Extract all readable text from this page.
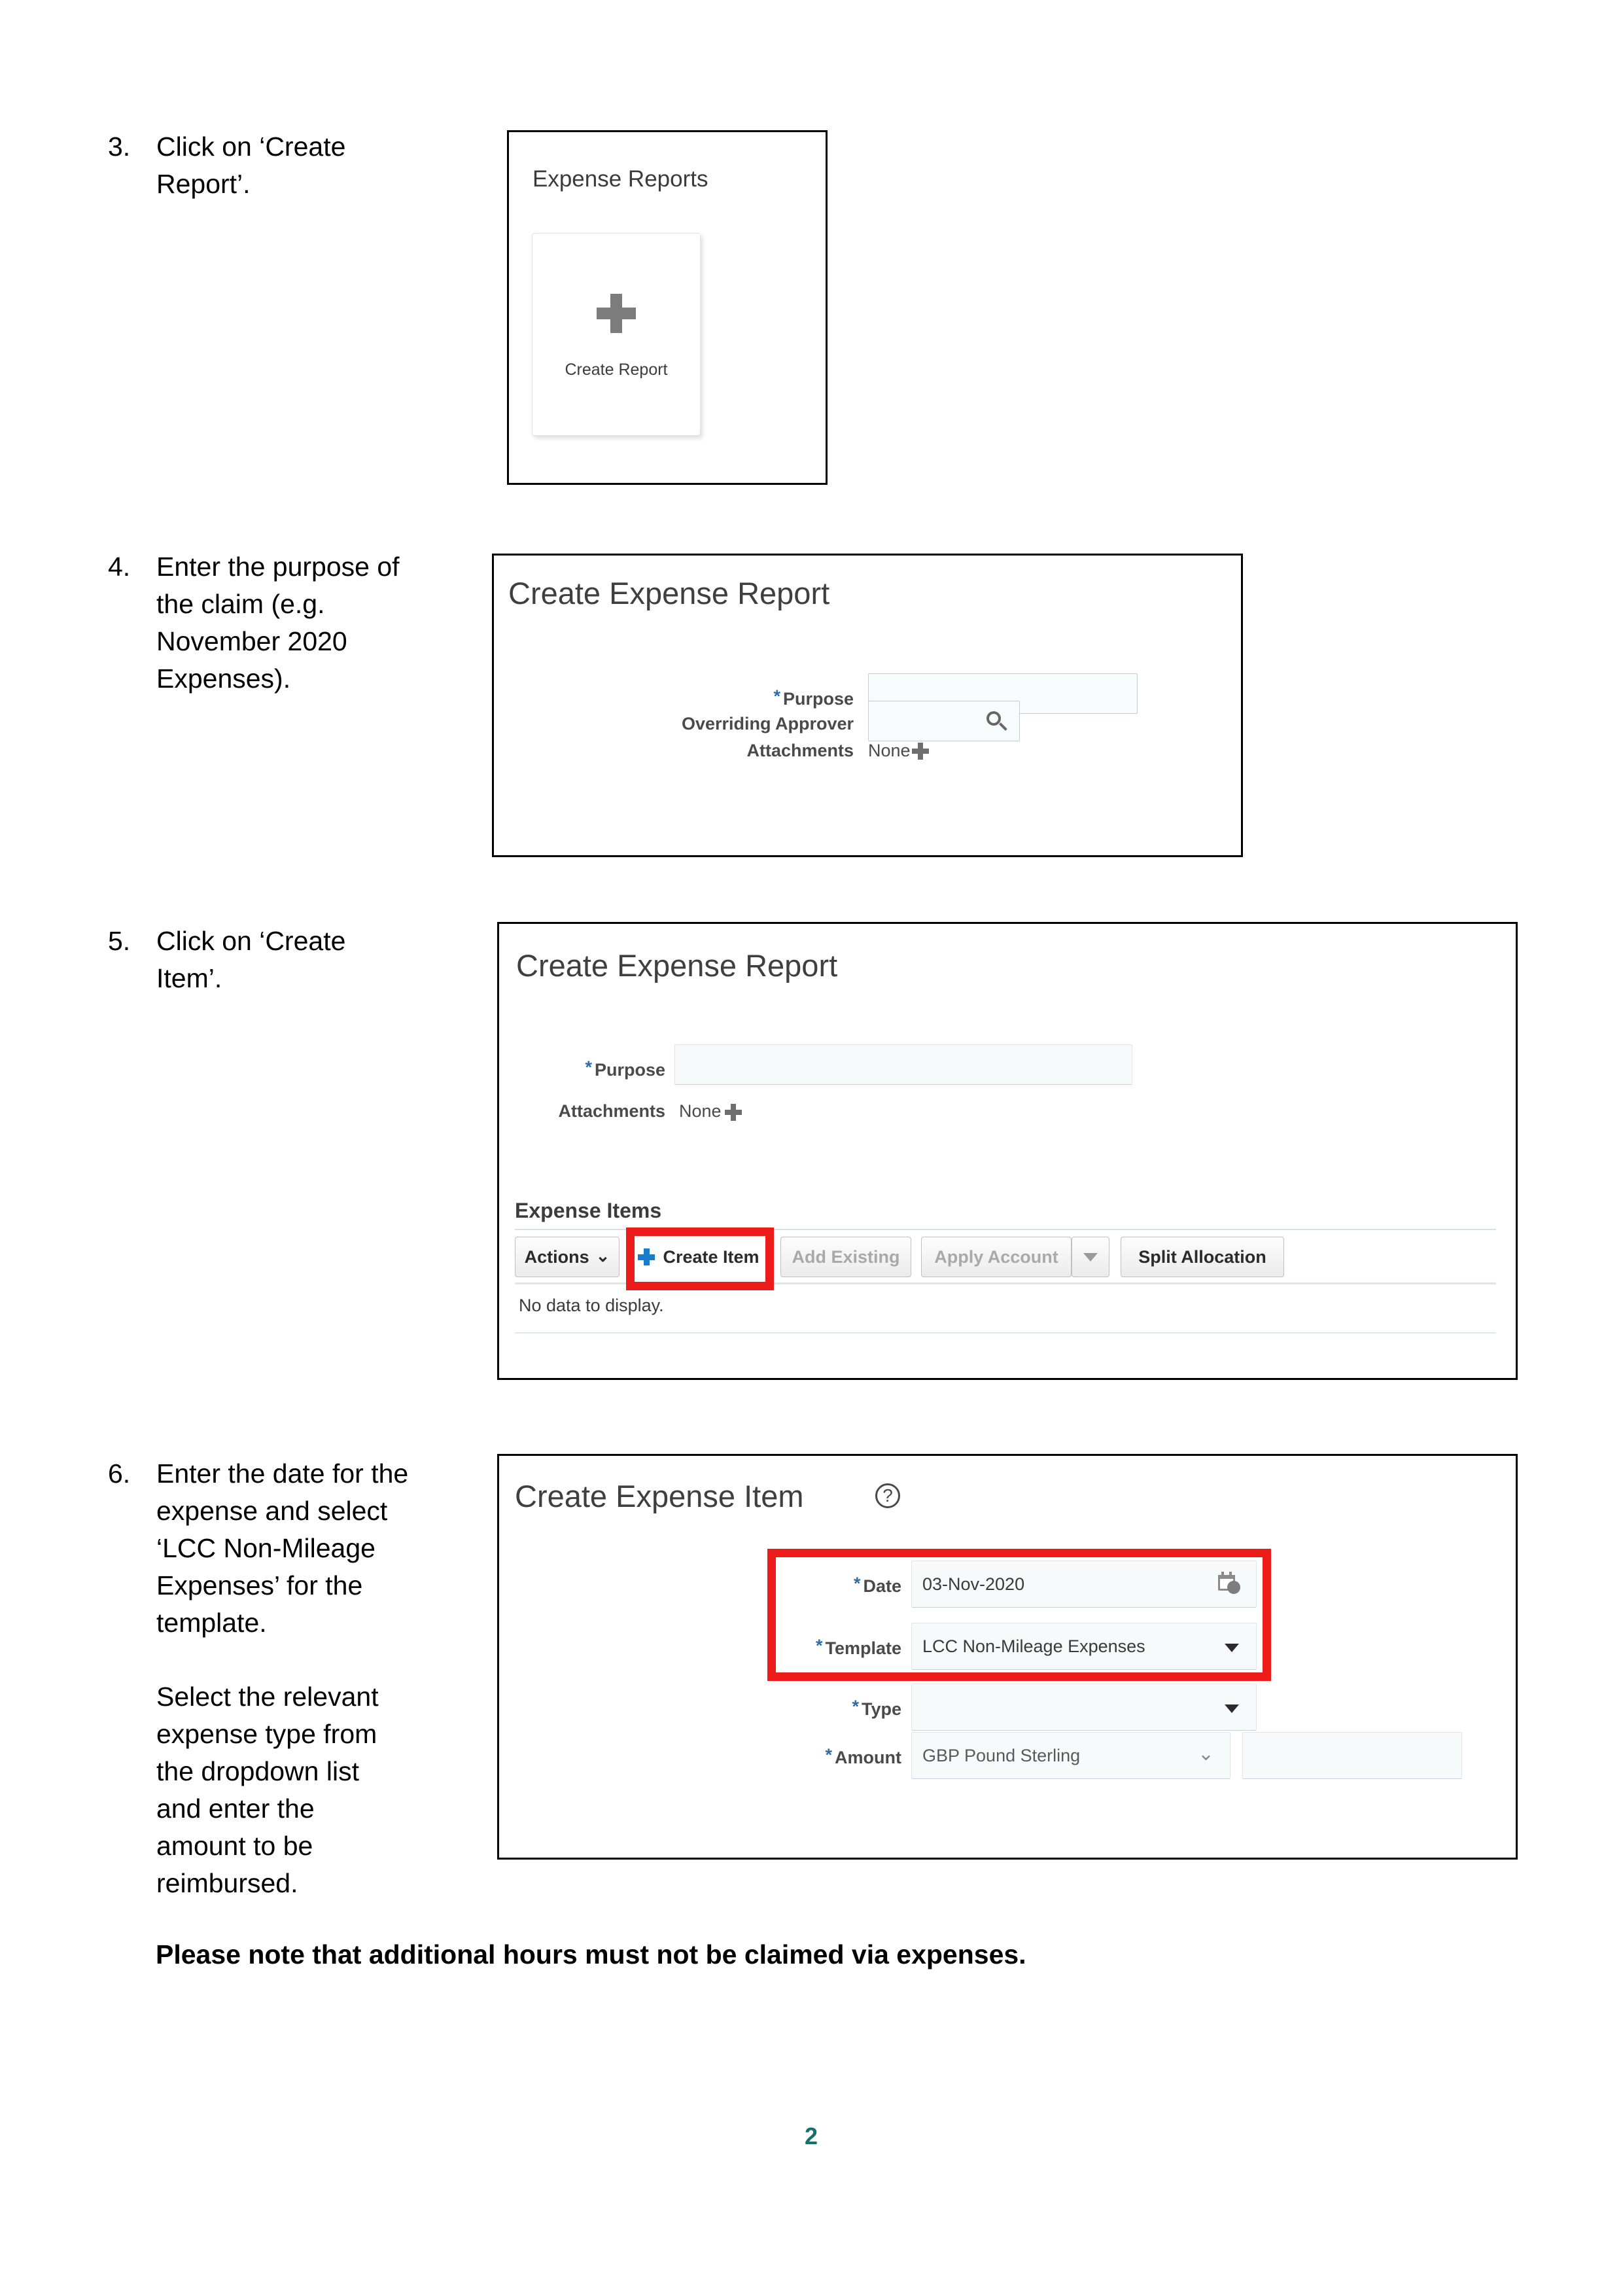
3. Click on ‘Create

Report’.	Expense Reports
Create Report
4. Enter the purpose of

the claim (e.g.

November 2020

Expenses).

Create Expense Report
* Purpose
Overriding Approver
Attachments None
5. Click on ‘Create

Item’.	Create Expense Report
* Purpose
Attachments None
Expense Items
Actions ⌄	Create Item Add Existing Apply Account	Split Allocation
No data to display.
6. Enter the date for the

expense and select

‘LCC Non-Mileage

Expenses’ for the

template.

Select the relevant

expense type from

the dropdown list

and enter the

amount to be

reimbursed.

Create Expense Item	?
* Date 03-Nov-2020
* Template LCC Non-Mileage Expenses
* Type
* Amount GBP Pound Sterling	⌄
Please note that additional hours must not be claimed via expenses.
2
